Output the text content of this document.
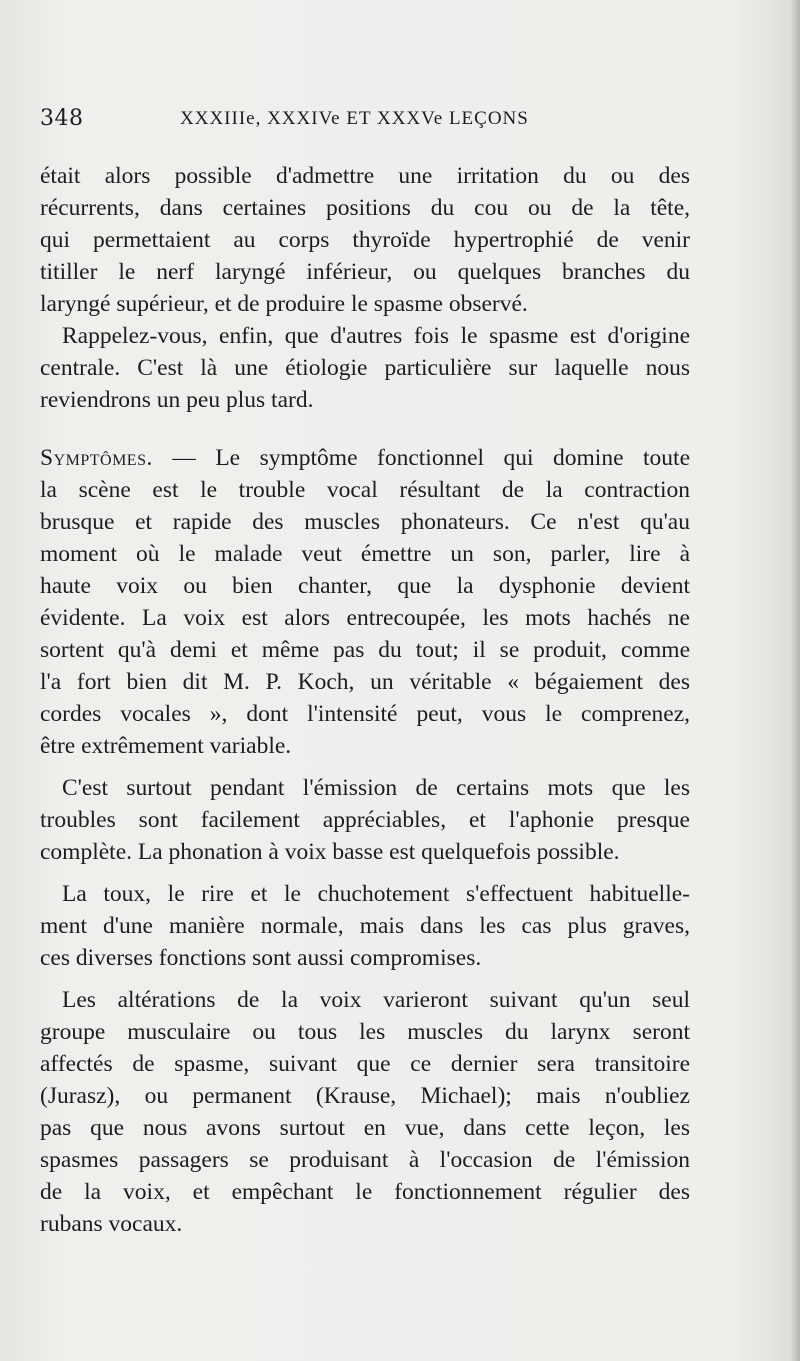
348	XXXIIIe, XXXIVe ET XXXVe LEÇONS
était alors possible d'admettre une irritation du ou des
récurrents, dans certaines positions du cou ou de la tête,
qui permettaient au corps thyroïde hypertrophié de venir
titiller le nerf laryngé inférieur, ou quelques branches du
laryngé supérieur, et de produire le spasme observé.
Rappelez-vous, enfin, que d'autres fois le spasme est d'origine
centrale. C'est là une étiologie particulière sur laquelle nous
reviendrons un peu plus tard.
Symptômes. — Le symptôme fonctionnel qui domine toute
la scène est le trouble vocal résultant de la contraction
brusque et rapide des muscles phonateurs. Ce n'est qu'au
moment où le malade veut émettre un son, parler, lire à
haute voix ou bien chanter, que la dysphonie devient
évidente. La voix est alors entrecoupée, les mots hachés ne
sortent qu'à demi et même pas du tout; il se produit, comme
l'a fort bien dit M. P. Koch, un véritable « bégaiement des
cordes vocales », dont l'intensité peut, vous le comprenez,
être extrêmement variable.
C'est surtout pendant l'émission de certains mots que les
troubles sont facilement appréciables, et l'aphonie presque
complète. La phonation à voix basse est quelquefois possible.
La toux, le rire et le chuchotement s'effectuent habituelle-
ment d'une manière normale, mais dans les cas plus graves,
ces diverses fonctions sont aussi compromises.
Les altérations de la voix varieront suivant qu'un seul
groupe musculaire ou tous les muscles du larynx seront
affectés de spasme, suivant que ce dernier sera transitoire
(Jurasz), ou permanent (Krause, Michael); mais n'oubliez
pas que nous avons surtout en vue, dans cette leçon, les
spasmes passagers se produisant à l'occasion de l'émission
de la voix, et empêchant le fonctionnement régulier des
rubans vocaux.
